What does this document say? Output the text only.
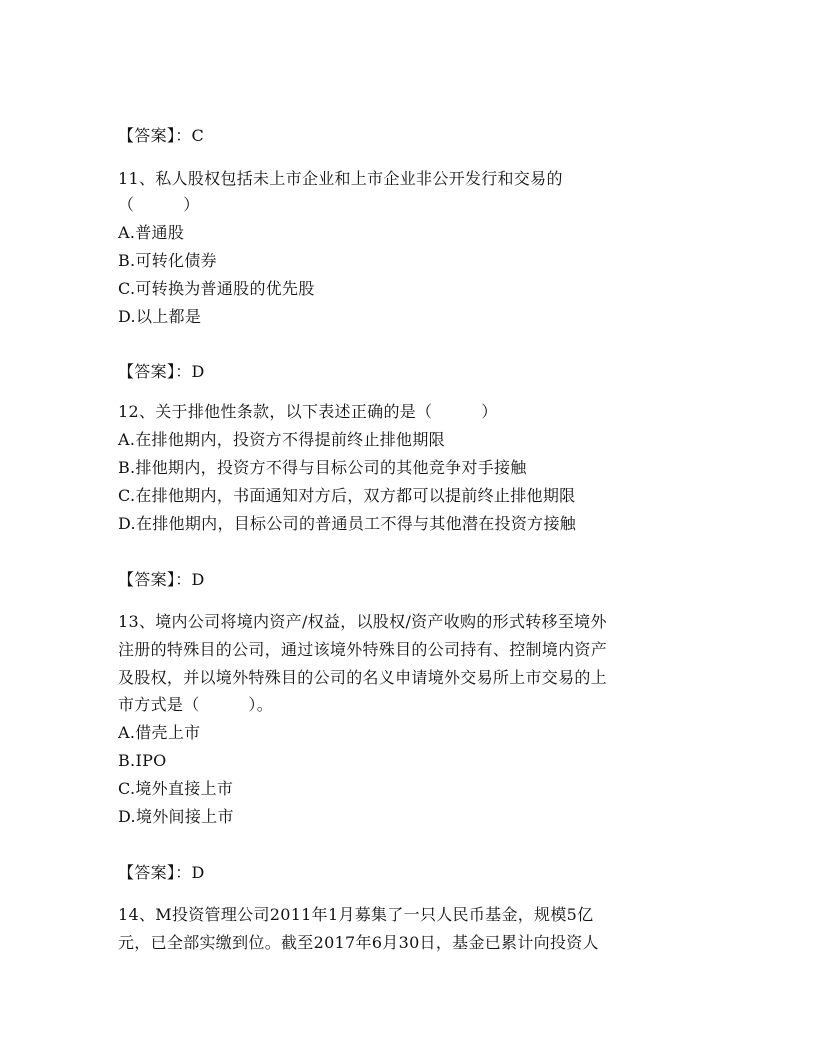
【答案】：C
11、私人股权包括未上市企业和上市企业非公开发行和交易的
（　　　）
A.普通股
B.可转化债券
C.可转换为普通股的优先股
D.以上都是
【答案】：D
12、关于排他性条款，以下表述正确的是（　　　）
A.在排他期内，投资方不得提前终止排他期限
B.排他期内，投资方不得与目标公司的其他竞争对手接触
C.在排他期内，书面通知对方后，双方都可以提前终止排他期限
D.在排他期内，目标公司的普通员工不得与其他潜在投资方接触
【答案】：D
13、境内公司将境内资产/权益，以股权/资产收购的形式转移至境外
注册的特殊目的公司，通过该境外特殊目的公司持有、控制境内资产
及股权，并以境外特殊目的公司的名义申请境外交易所上市交易的上
市方式是（　　　）。
A.借壳上市
B.IPO
C.境外直接上市
D.境外间接上市
【答案】：D
14、M投资管理公司2011年1月募集了一只人民币基金，规模5亿
元，已全部实缴到位。截至2017年6月30日，基金已累计向投资人
